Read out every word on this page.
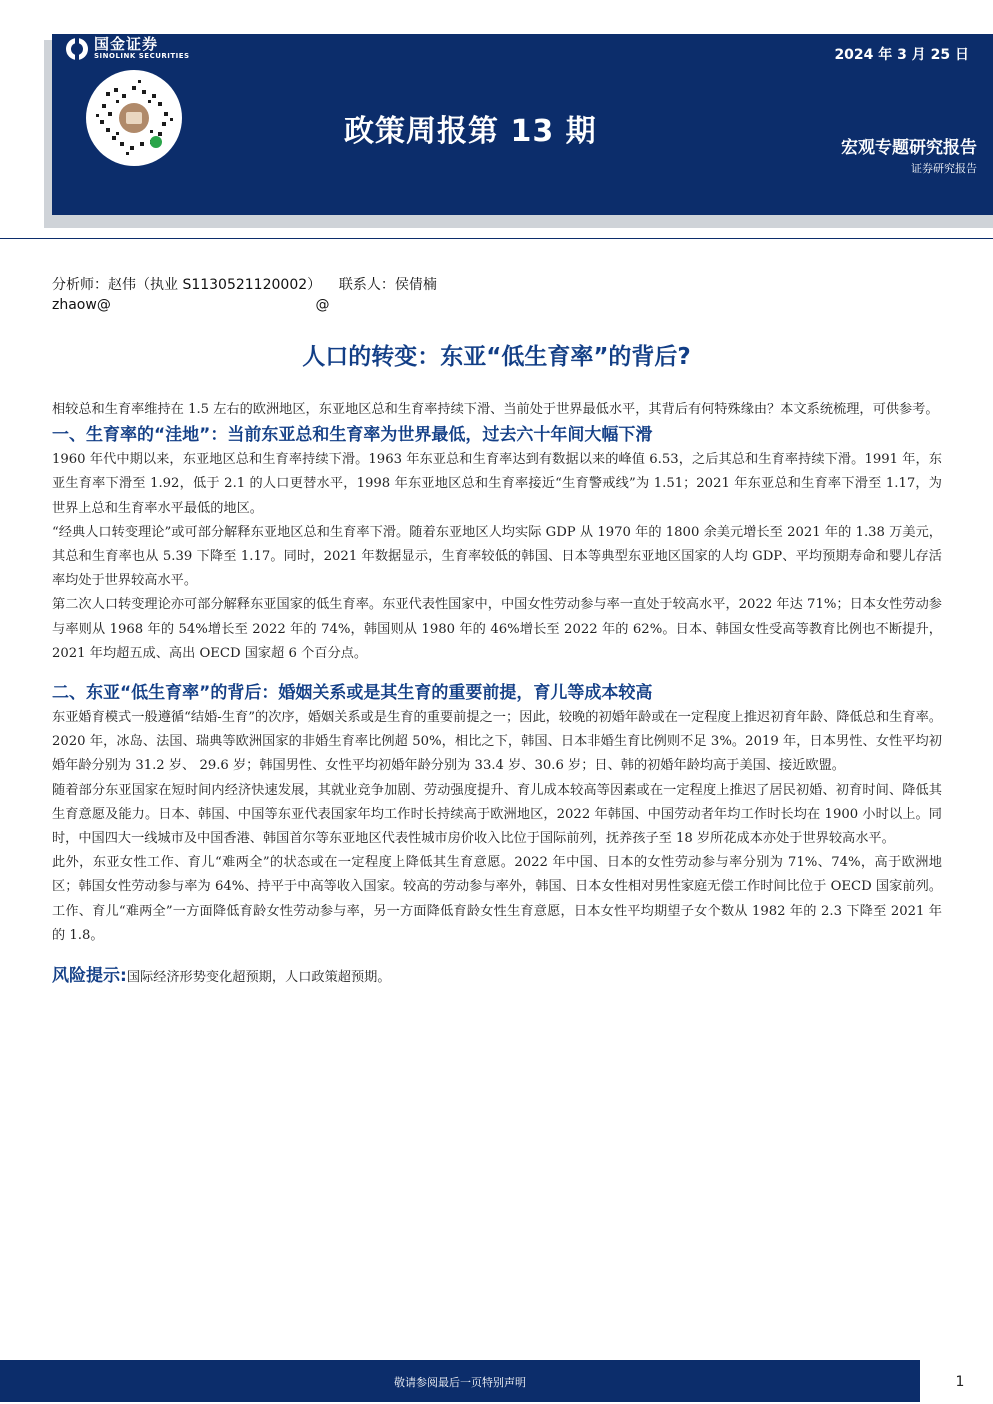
国金证券
SINOLINK SECURITIES	2024 年 3 月 25 日
政策周报第 13 期	宏观专题研究报告
证券研究报告
分析师：赵伟（执业 S1130521120002）    联系人：侯倩楠
zhaow@                                              @
人口的转变：东亚“低生育率”的背后?

相较总和生育率维持在 1.5 左右的欧洲地区，东亚地区总和生育率持续下滑、当前处于世界最低水平，其背后有何特殊缘由？本文系统梳理，可供参考。

一、生育率的“洼地”：当前东亚总和生育率为世界最低，过去六十年间大幅下滑

1960 年代中期以来，东亚地区总和生育率持续下滑。1963 年东亚总和生育率达到有数据以来的峰值 6.53，之后其总和生育率持续下滑。1991 年，东亚生育率下滑至 1.92，低于 2.1 的人口更替水平，1998 年东亚地区总和生育率接近“生育警戒线”为 1.51；2021 年东亚总和生育率下滑至 1.17，为世界上总和生育率水平最低的地区。

“经典人口转变理论”或可部分解释东亚地区总和生育率下滑。随着东亚地区人均实际 GDP 从 1970 年的 1800 余美元增长至 2021 年的 1.38 万美元，其总和生育率也从 5.39 下降至 1.17。同时，2021 年数据显示，生育率较低的韩国、日本等典型东亚地区国家的人均 GDP、平均预期寿命和婴儿存活率均处于世界较高水平。

第二次人口转变理论亦可部分解释东亚国家的低生育率。东亚代表性国家中，中国女性劳动参与率一直处于较高水平，2022 年达 71%；日本女性劳动参与率则从 1968 年的 54%增长至 2022 年的 74%，韩国则从 1980 年的 46%增长至 2022 年的 62%。日本、韩国女性受高等教育比例也不断提升，2021 年均超五成、高出 OECD 国家超 6 个百分点。

二、东亚“低生育率”的背后：婚姻关系或是其生育的重要前提，育儿等成本较高

东亚婚育模式一般遵循“结婚-生育”的次序，婚姻关系或是生育的重要前提之一；因此，较晚的初婚年龄或在一定程度上推迟初育年龄、降低总和生育率。2020 年，冰岛、法国、瑞典等欧洲国家的非婚生育率比例超 50%，相比之下，韩国、日本非婚生育比例则不足 3%。2019 年，日本男性、女性平均初婚年龄分别为 31.2 岁、 29.6 岁；韩国男性、女性平均初婚年龄分别为 33.4 岁、30.6 岁；日、韩的初婚年龄均高于美国、接近欧盟。

随着部分东亚国家在短时间内经济快速发展，其就业竞争加剧、劳动强度提升、育儿成本较高等因素或在一定程度上推迟了居民初婚、初育时间、降低其生育意愿及能力。日本、韩国、中国等东亚代表国家年均工作时长持续高于欧洲地区，2022 年韩国、中国劳动者年均工作时长均在 1900 小时以上。同时，中国四大一线城市及中国香港、韩国首尔等东亚地区代表性城市房价收入比位于国际前列，抚养孩子至 18 岁所花成本亦处于世界较高水平。

此外，东亚女性工作、育儿“难两全”的状态或在一定程度上降低其生育意愿。2022 年中国、日本的女性劳动参与率分别为 71%、74%，高于欧洲地区；韩国女性劳动参与率为 64%、持平于中高等收入国家。较高的劳动参与率外，韩国、日本女性相对男性家庭无偿工作时间比位于 OECD 国家前列。工作、育儿“难两全”一方面降低育龄女性劳动参与率，另一方面降低育龄女性生育意愿，日本女性平均期望子女个数从 1982 年的 2.3 下降至 2021 年的 1.8。

风险提示:国际经济形势变化超预期，人口政策超预期。

敬请参阅最后一页特别声明	1
